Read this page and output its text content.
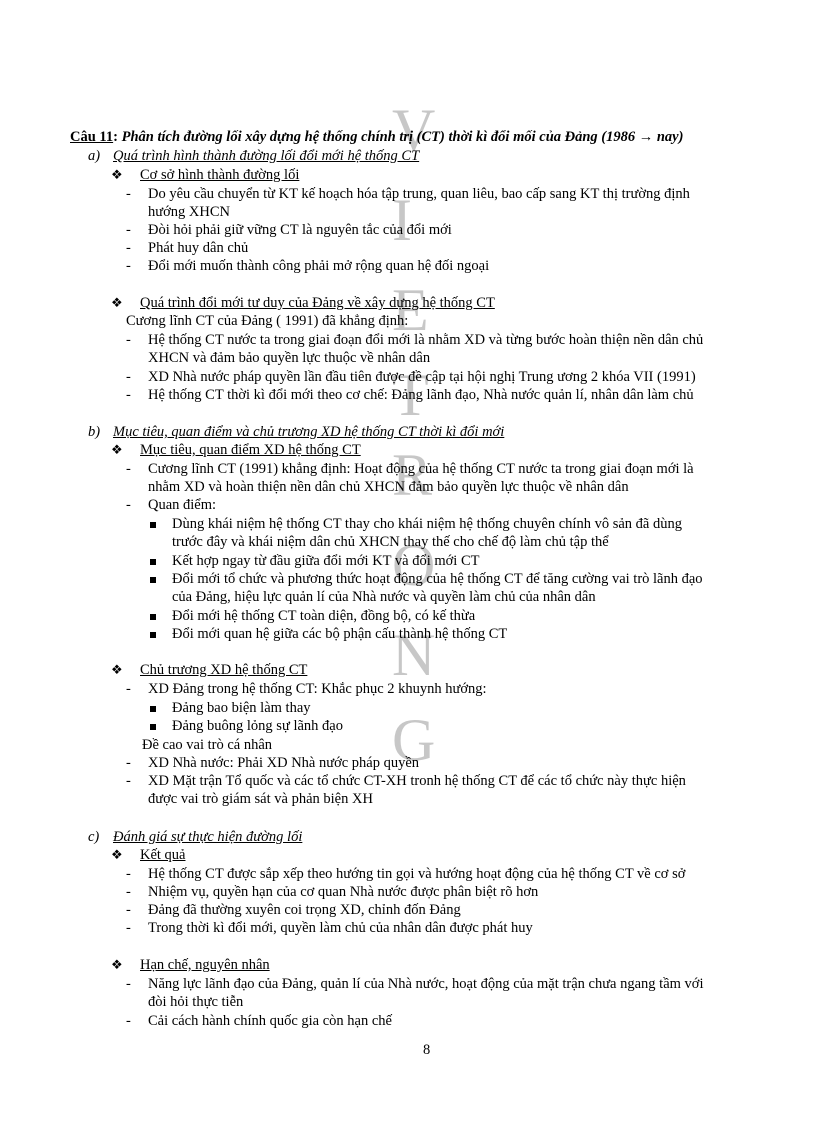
V
I
E
T
R
O
N
G
Câu 11: Phân tích đường lối xây dựng hệ thống chính trị (CT) thời kì đổi mối của Đảng (1986 → nay)
a) Quá trình hình thành đường lối đổi mới hệ thống CT
❖ Cơ sở hình thành đường lối
- Do yêu cầu chuyển từ KT kế hoạch hóa tập trung, quan liêu, bao cấp sang KT thị trường định
hướng XHCN
- Đòi hỏi phải giữ vững CT là nguyên tắc của đổi mới
- Phát huy dân chủ
- Đổi mới muốn thành công phải mở rộng quan hệ đối ngoại
❖ Quá trình đổi mới tư duy của Đảng về xây dựng hệ thống CT
Cương lĩnh CT của Đảng ( 1991) đã khẳng định:
- Hệ thống CT nước ta trong giai đoạn đổi mới là nhằm XD và từng bước hoàn thiện nền dân chủ
XHCN và đảm bảo quyền lực thuộc về nhân dân
- XD Nhà nước pháp quyền lần đầu tiên được đề cập tại hội nghị Trung ương 2 khóa VII (1991)
- Hệ thống CT thời kì đổi mới theo cơ chế: Đảng lãnh đạo, Nhà nước quản lí, nhân dân làm chủ
b) Mục tiêu, quan điểm và chủ trương XD hệ thống CT thời kì đổi mới
❖ Mục tiêu, quan điểm XD hệ thống CT
- Cương lĩnh CT (1991) khẳng định: Hoạt động của hệ thống CT nước ta trong giai đoạn mới là
nhằm XD và hoàn thiện nền dân chủ XHCN đảm bảo quyền lực thuộc về nhân dân
- Quan điểm:
Dùng khái niệm hệ thống CT thay cho khái niệm hệ thống chuyên chính vô sản đã dùng
trước đây và khái niệm dân chủ XHCN thay thế cho chế độ làm chủ tập thể
Kết hợp ngay từ đầu giữa đổi mới KT và đổi mới CT
Đổi mới tổ chức và phương thức hoạt động của hệ thống CT để tăng cường vai trò lãnh đạo
của Đảng, hiệu lực quản lí của Nhà nước và quyền làm chủ của nhân dân
Đổi mới hệ thống CT toàn diện, đồng bộ, có kế thừa
Đổi mới quan hệ giữa các bộ phận cấu thành hệ thống CT
❖ Chủ trương XD hệ thống CT
- XD Đảng trong hệ thống CT: Khắc phục 2 khuynh hướng:
Đảng bao biện làm thay
Đảng buông lỏng sự lãnh đạo
Đề cao vai trò cá nhân
- XD Nhà nước: Phải XD Nhà nước pháp quyền
- XD Mặt trận Tổ quốc và các tổ chức CT-XH tronh hệ thống CT để các tổ chức này thực hiện
được vai trò giám sát và phản biện XH
c) Đánh giá sự thực hiện đường lối
❖ Kết quả
- Hệ thống CT được sắp xếp theo hướng tin gọi và hướng hoạt động của hệ thống CT về cơ sở
- Nhiệm vụ, quyền hạn của cơ quan Nhà nước được phân biệt rõ hơn
- Đảng đã thường xuyên coi trọng XD, chỉnh đốn Đảng
- Trong thời kì đổi mới, quyền làm chủ của nhân dân được phát huy
❖ Hạn chế, nguyên nhân
- Năng lực lãnh đạo của Đảng, quản lí của Nhà nước, hoạt động của mặt trận chưa ngang tầm với
đòi hỏi thực tiễn
- Cải cách hành chính quốc gia còn hạn chế
8
